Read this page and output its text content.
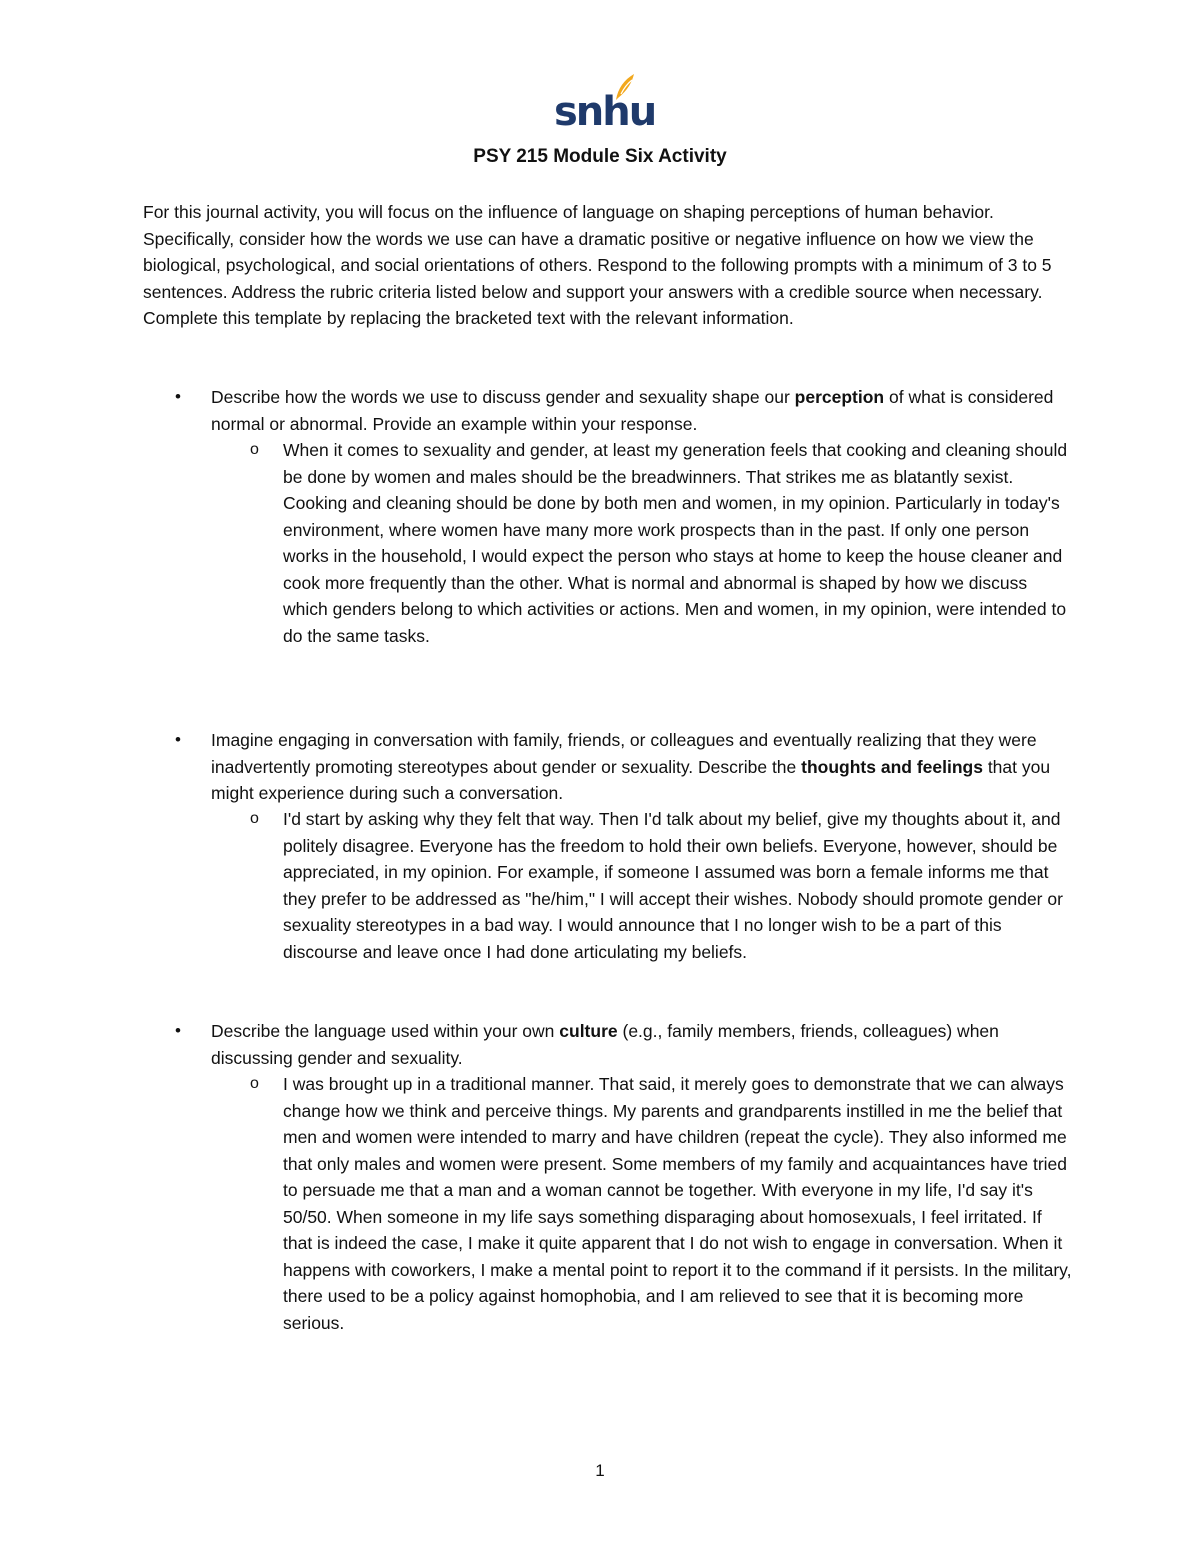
snhu
PSY 215 Module Six Activity
For this journal activity, you will focus on the influence of language on shaping perceptions of human behavior. Specifically, consider how the words we use can have a dramatic positive or negative influence on how we view the biological, psychological, and social orientations of others. Respond to the following prompts with a minimum of 3 to 5 sentences. Address the rubric criteria listed below and support your answers with a credible source when necessary. Complete this template by replacing the bracketed text with the relevant information.
• Describe how the words we use to discuss gender and sexuality shape our perception of what is considered normal or abnormal. Provide an example within your response.
o When it comes to sexuality and gender, at least my generation feels that cooking and cleaning should be done by women and males should be the breadwinners. That strikes me as blatantly sexist. Cooking and cleaning should be done by both men and women, in my opinion. Particularly in today's environment, where women have many more work prospects than in the past. If only one person works in the household, I would expect the person who stays at home to keep the house cleaner and cook more frequently than the other. What is normal and abnormal is shaped by how we discuss which genders belong to which activities or actions. Men and women, in my opinion, were intended to do the same tasks.
• Imagine engaging in conversation with family, friends, or colleagues and eventually realizing that they were inadvertently promoting stereotypes about gender or sexuality. Describe the thoughts and feelings that you might experience during such a conversation.
o I'd start by asking why they felt that way. Then I'd talk about my belief, give my thoughts about it, and politely disagree. Everyone has the freedom to hold their own beliefs. Everyone, however, should be appreciated, in my opinion. For example, if someone I assumed was born a female informs me that they prefer to be addressed as "he/him," I will accept their wishes. Nobody should promote gender or sexuality stereotypes in a bad way. I would announce that I no longer wish to be a part of this discourse and leave once I had done articulating my beliefs.
• Describe the language used within your own culture (e.g., family members, friends, colleagues) when discussing gender and sexuality.
o I was brought up in a traditional manner. That said, it merely goes to demonstrate that we can always change how we think and perceive things. My parents and grandparents instilled in me the belief that men and women were intended to marry and have children (repeat the cycle). They also informed me that only males and women were present. Some members of my family and acquaintances have tried to persuade me that a man and a woman cannot be together. With everyone in my life, I'd say it's 50/50. When someone in my life says something disparaging about homosexuals, I feel irritated. If that is indeed the case, I make it quite apparent that I do not wish to engage in conversation. When it happens with coworkers, I make a mental point to report it to the command if it persists. In the military, there used to be a policy against homophobia, and I am relieved to see that it is becoming more serious.
1
